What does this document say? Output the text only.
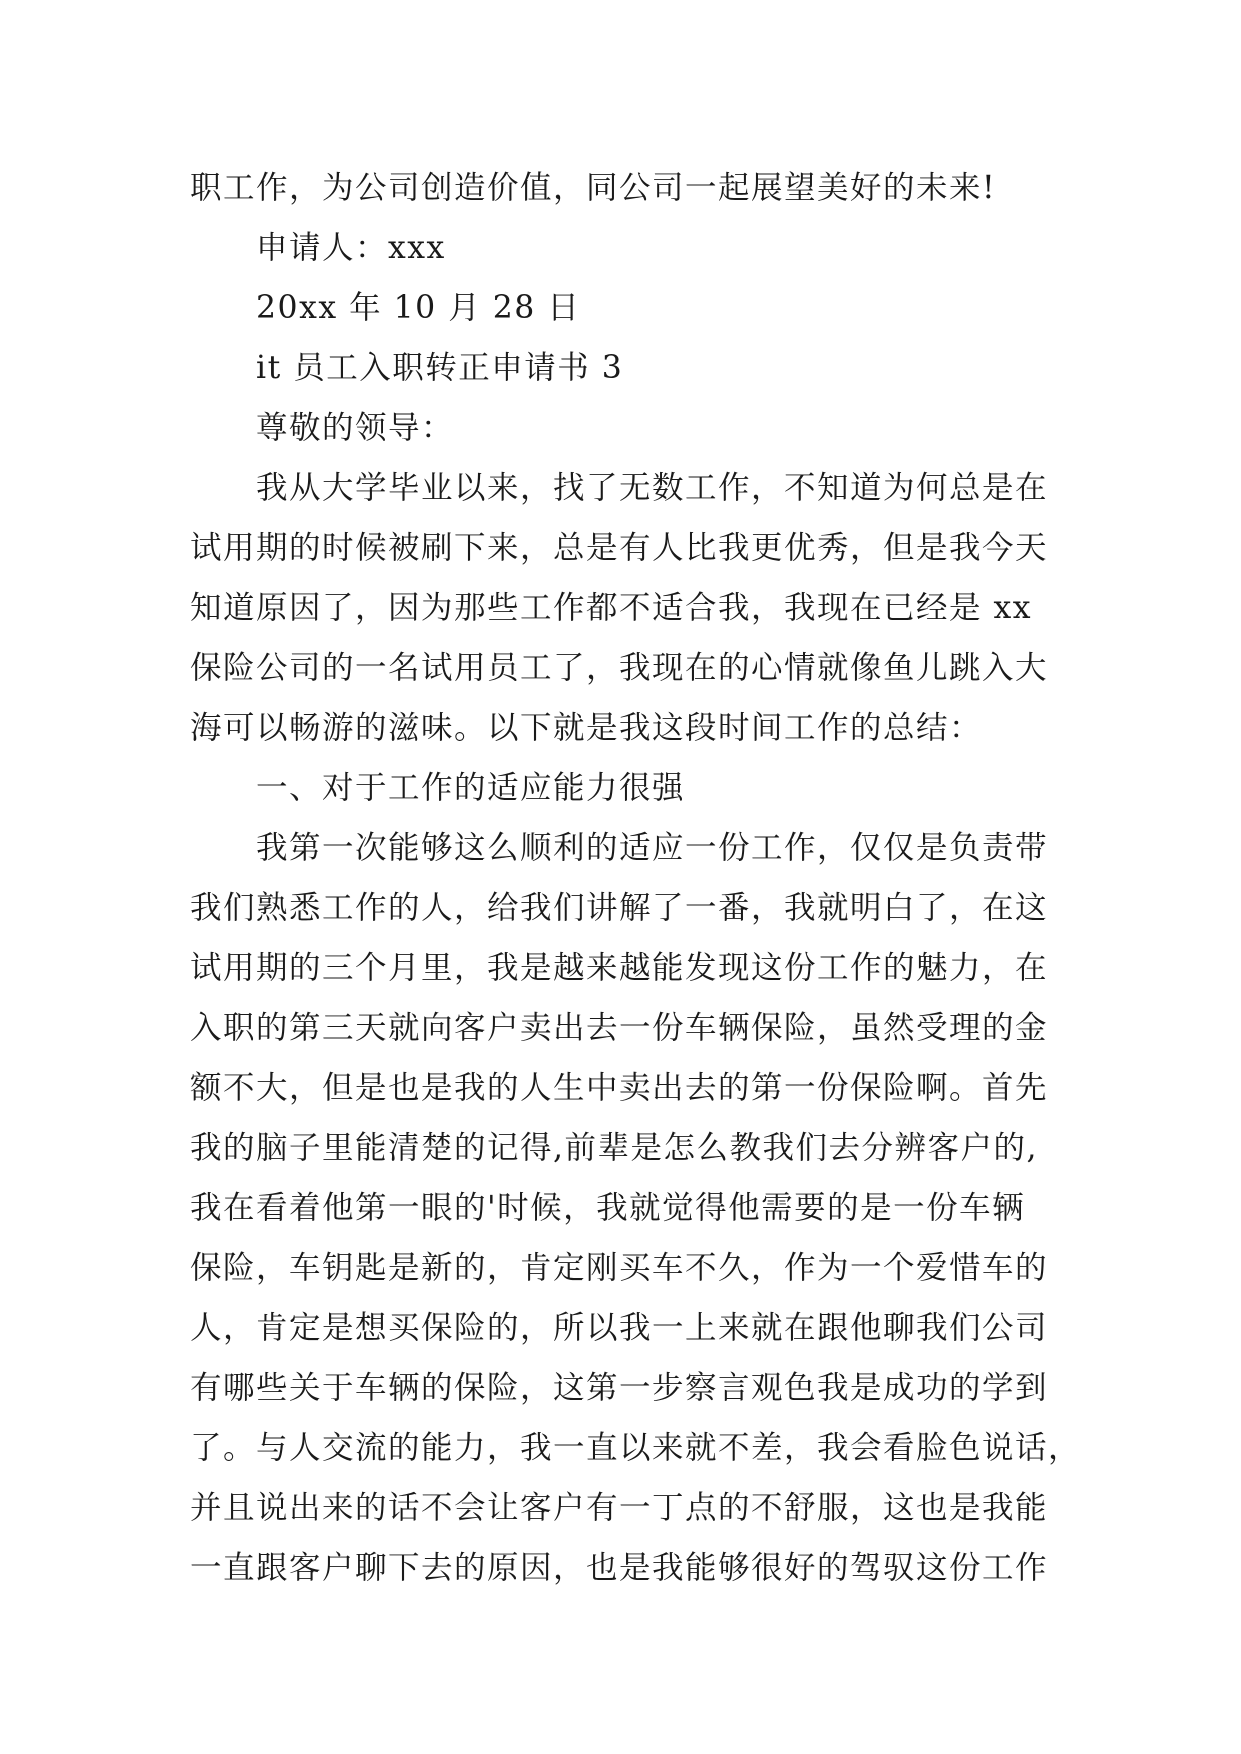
职工作，为公司创造价值，同公司一起展望美好的未来!
申请人：xxx
20xx 年 10 月 28 日
it 员工入职转正申请书 3
尊敬的领导：
我从大学毕业以来，找了无数工作，不知道为何总是在
试用期的时候被刷下来，总是有人比我更优秀，但是我今天
知道原因了，因为那些工作都不适合我，我现在已经是 xx
保险公司的一名试用员工了，我现在的心情就像鱼儿跳入大
海可以畅游的滋味。以下就是我这段时间工作的总结：
一、对于工作的适应能力很强
我第一次能够这么顺利的适应一份工作，仅仅是负责带
我们熟悉工作的人，给我们讲解了一番，我就明白了，在这
试用期的三个月里，我是越来越能发现这份工作的魅力，在
入职的第三天就向客户卖出去一份车辆保险，虽然受理的金
额不大，但是也是我的人生中卖出去的第一份保险啊。首先
我的脑子里能清楚的记得,前辈是怎么教我们去分辨客户的,
我在看着他第一眼的'时候，我就觉得他需要的是一份车辆
保险，车钥匙是新的，肯定刚买车不久，作为一个爱惜车的
人，肯定是想买保险的，所以我一上来就在跟他聊我们公司
有哪些关于车辆的保险，这第一步察言观色我是成功的学到
了。与人交流的能力，我一直以来就不差，我会看脸色说话，
并且说出来的话不会让客户有一丁点的不舒服，这也是我能
一直跟客户聊下去的原因，也是我能够很好的驾驭这份工作
